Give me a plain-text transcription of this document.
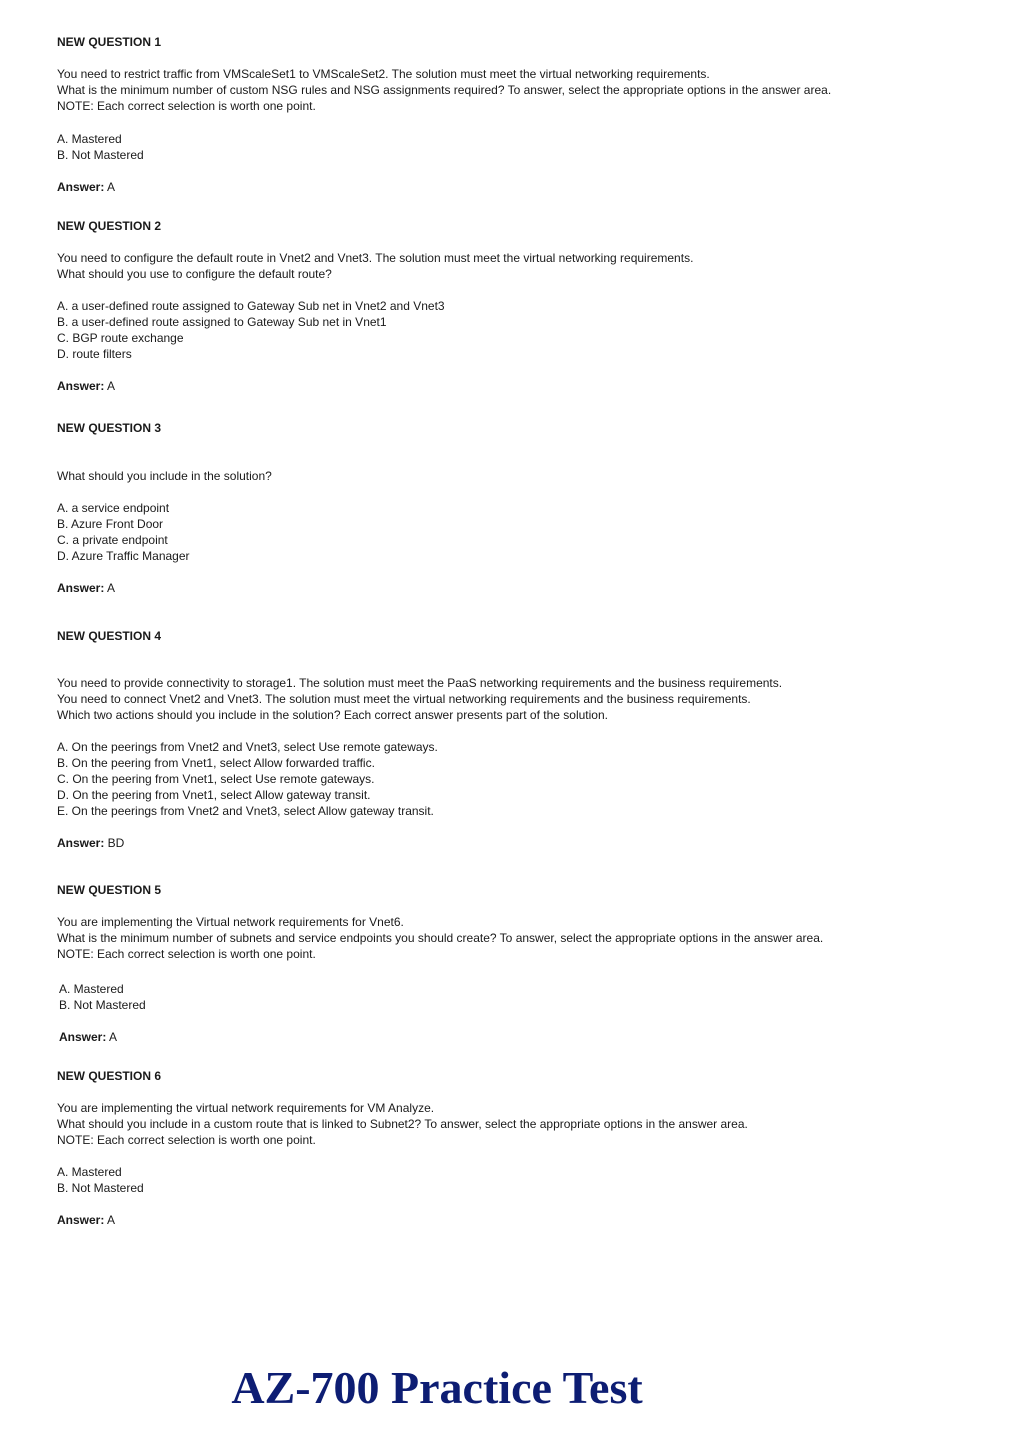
NEW QUESTION 1
You need to restrict traffic from VMScaleSet1 to VMScaleSet2. The solution must meet the virtual networking requirements.
What is the minimum number of custom NSG rules and NSG assignments required? To answer, select the appropriate options in the answer area.
NOTE: Each correct selection is worth one point.
A. Mastered
B. Not Mastered
Answer: A
NEW QUESTION 2
You need to configure the default route in Vnet2 and Vnet3. The solution must meet the virtual networking requirements.
What should you use to configure the default route?
A. a user-defined route assigned to Gateway Sub net in Vnet2 and Vnet3
B. a user-defined route assigned to Gateway Sub net in Vnet1
C. BGP route exchange
D. route filters
Answer: A
NEW QUESTION 3
What should you include in the solution?
A. a service endpoint
B. Azure Front Door
C. a private endpoint
D. Azure Traffic Manager
Answer: A
NEW QUESTION 4
You need to provide connectivity to storage1. The solution must meet the PaaS networking requirements and the business requirements.
You need to connect Vnet2 and Vnet3. The solution must meet the virtual networking requirements and the business requirements.
Which two actions should you include in the solution? Each correct answer presents part of the solution.
A. On the peerings from Vnet2 and Vnet3, select Use remote gateways.
B. On the peering from Vnet1, select Allow forwarded traffic.
C. On the peering from Vnet1, select Use remote gateways.
D. On the peering from Vnet1, select Allow gateway transit.
E. On the peerings from Vnet2 and Vnet3, select Allow gateway transit.
Answer: BD
NEW QUESTION 5
You are implementing the Virtual network requirements for Vnet6.
What is the minimum number of subnets and service endpoints you should create? To answer, select the appropriate options in the answer area.
NOTE: Each correct selection is worth one point.
A. Mastered
B. Not Mastered
Answer: A
NEW QUESTION 6
You are implementing the virtual network requirements for VM Analyze.
What should you include in a custom route that is linked to Subnet2? To answer, select the appropriate options in the answer area.
NOTE: Each correct selection is worth one point.
A. Mastered
B. Not Mastered
Answer: A
AZ-700 Practice Test
